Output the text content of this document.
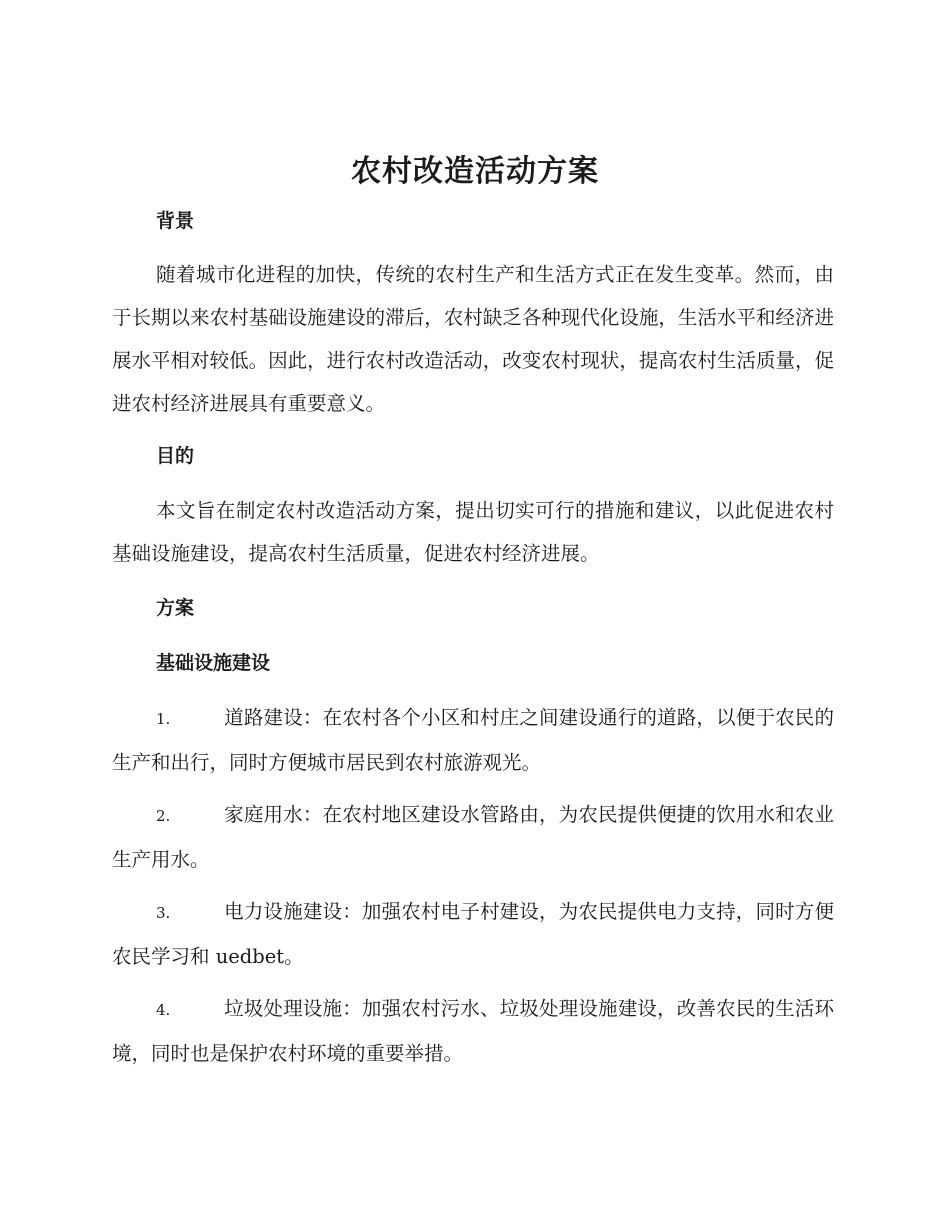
农村改造活动方案
背景

随着城市化进程的加快，传统的农村生产和生活方式正在发生变革。然而，由于长期以来农村基础设施建设的滞后，农村缺乏各种现代化设施，生活水平和经济进展水平相对较低。因此，进行农村改造活动，改变农村现状，提高农村生活质量，促进农村经济进展具有重要意义。

目的

本文旨在制定农村改造活动方案，提出切实可行的措施和建议，以此促进农村基础设施建设，提高农村生活质量，促进农村经济进展。

方案
基础设施建设

1.	道路建设：在农村各个小区和村庄之间建设通行的道路，以便于农民的生产和出行，同时方便城市居民到农村旅游观光。

2.	家庭用水：在农村地区建设水管路由，为农民提供便捷的饮用水和农业生产用水。

3.	电力设施建设：加强农村电子村建设，为农民提供电力支持，同时方便农民学习和 uedbet。

4.	垃圾处理设施：加强农村污水、垃圾处理设施建设，改善农民的生活环境，同时也是保护农村环境的重要举措。
